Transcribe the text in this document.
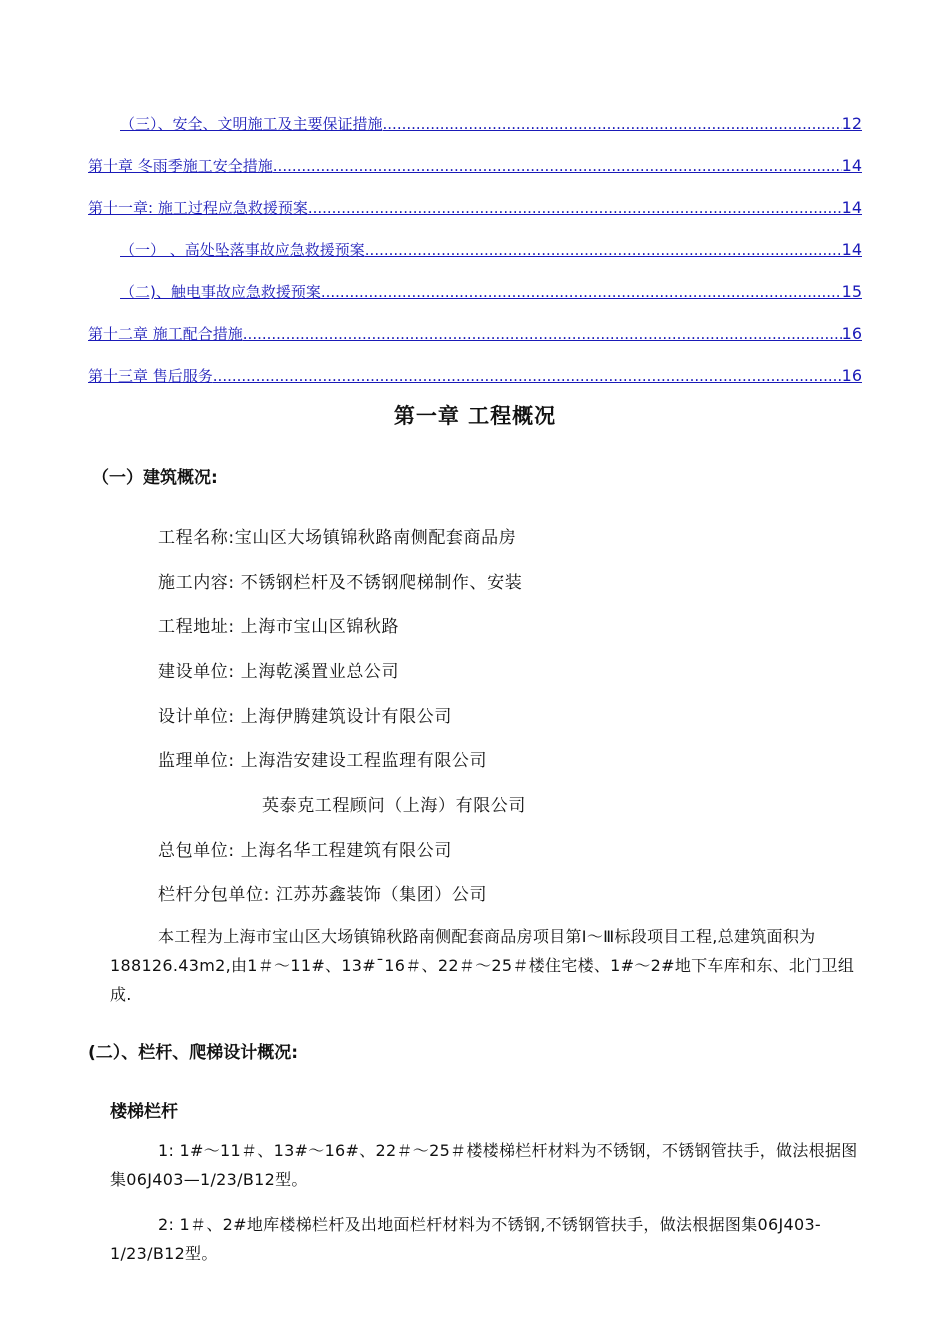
（三）、安全、文明施工及主要保证措施 .....	12
第十章 冬雨季施工安全措施 .....	14
第十一章: 施工过程应急救援预案 .....	14
（一） 、高处坠落事故应急救援预案 .....	14
（二)、触电事故应急救援预案 .....	15
第十二章 施工配合措施 .....	16
第十三章 售后服务 .....	16
第一章 工程概况
（一）建筑概况:
工程名称:宝山区大场镇锦秋路南侧配套商品房
施工内容: 不锈钢栏杆及不锈钢爬梯制作、安装
工程地址: 上海市宝山区锦秋路
建设单位: 上海乾溪置业总公司
设计单位: 上海伊腾建筑设计有限公司
监理单位: 上海浩安建设工程监理有限公司
英泰克工程顾问（上海）有限公司
总包单位: 上海名华工程建筑有限公司
栏杆分包单位: 江苏苏鑫装饰（集团）公司

本工程为上海市宝山区大场镇锦秋路南侧配套商品房项目第Ⅰ～Ⅲ标段项目工程,总建筑面积为188126.43m2,由1＃～11#、13#¯16＃、22＃～25＃楼住宅楼、1#～2#地下车库和东、北门卫组成.

(二）、栏杆、爬梯设计概况:
楼梯栏杆

1: 1#～11＃、13#～16#、22＃～25＃楼楼梯栏杆材料为不锈钢，不锈钢管扶手，做法根据图集06J403—1/23/B12型。

2: 1＃、2#地库楼梯栏杆及出地面栏杆材料为不锈钢,不锈钢管扶手，做法根据图集06J403-1/23/B12型。
